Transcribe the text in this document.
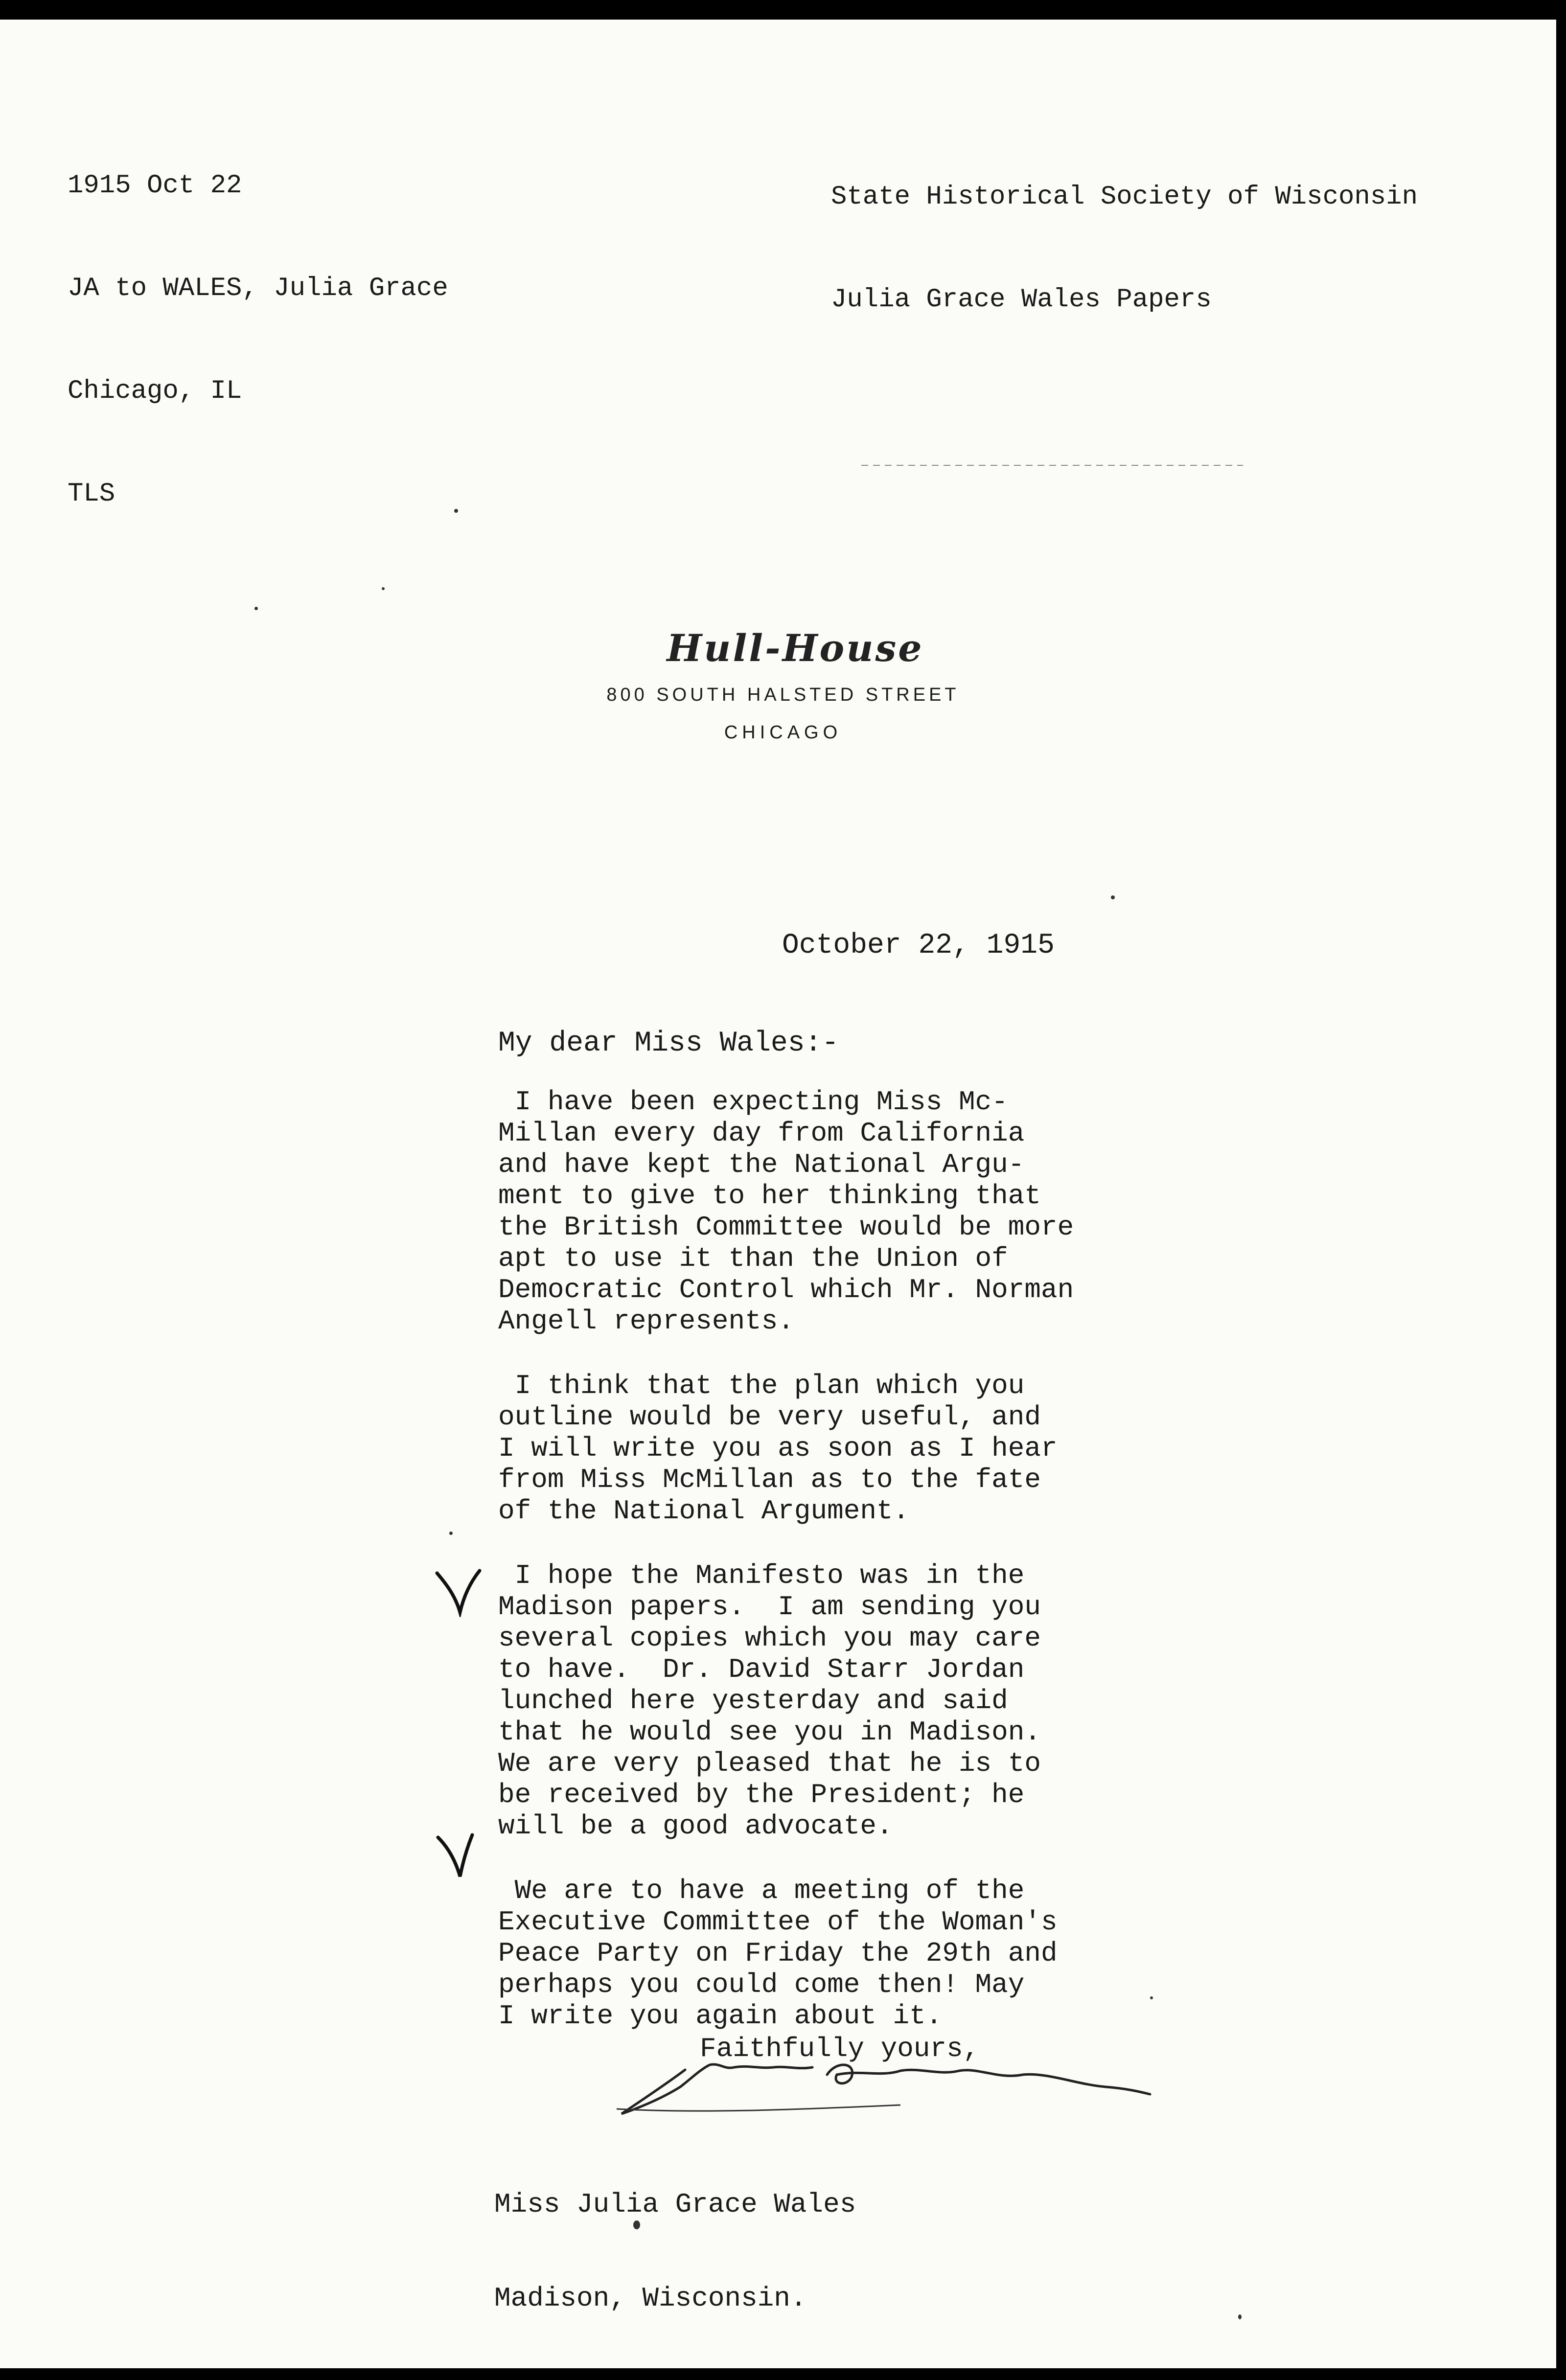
1915 Oct 22

JA to WALES, Julia Grace

Chicago, IL

TLS

State Historical Society of Wisconsin

Julia Grace Wales Papers

Hull-House
800 SOUTH HALSTED STREET
CHICAGO
October 22, 1915
My dear Miss Wales:-

I have been expecting Miss Mc-
Millan every day from California
and have kept the National Argu-
ment to give to her thinking that
the British Committee would be more
apt to use it than the Union of
Democratic Control which Mr. Norman
Angell represents.

I think that the plan which you
outline would be very useful, and
I will write you as soon as I hear
from Miss McMillan as to the fate
of the National Argument.

I hope the Manifesto was in the
Madison papers.  I am sending you
several copies which you may care
to have.  Dr. David Starr Jordan
lunched here yesterday and said
that he would see you in Madison.
We are very pleased that he is to
be received by the President; he
will be a good advocate.

We are to have a meeting of the
Executive Committee of the Woman's
Peace Party on Friday the 29th and
perhaps you could come then! May
I write you again about it.

Faithfully yours,

Miss Julia Grace Wales

Madison, Wisconsin.
